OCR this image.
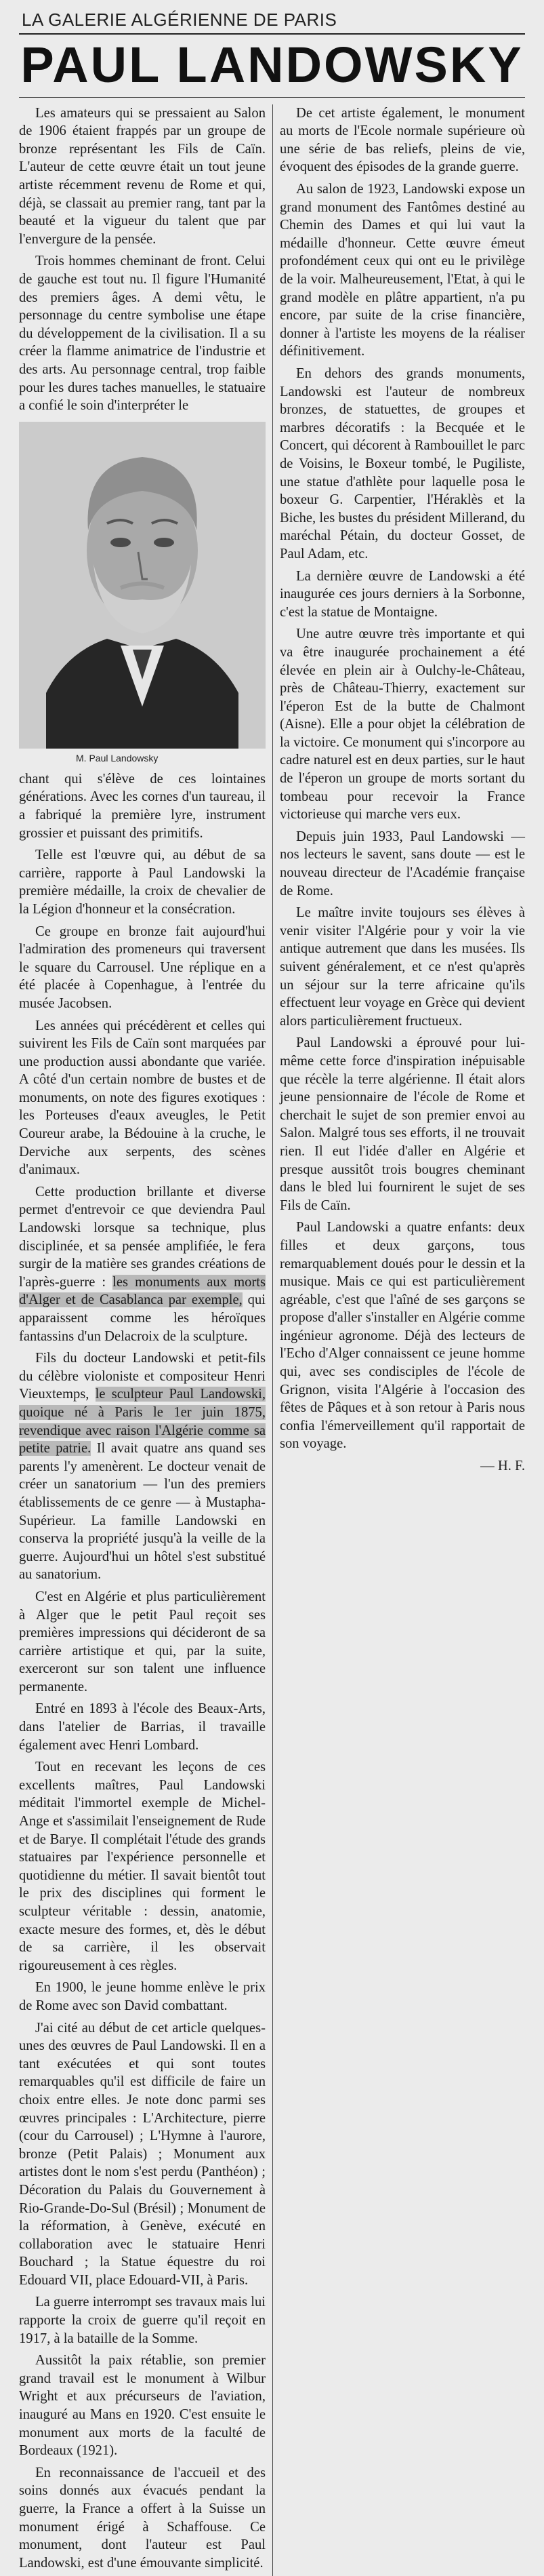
LA GALERIE ALGÉRIENNE DE PARIS
PAUL LANDOWSKY

Les amateurs qui se pressaient au Salon de 1906 étaient frappés par un groupe de bronze représentant les Fils de Caïn. L'auteur de cette œuvre était un tout jeune artiste récemment revenu de Rome et qui, déjà, se classait au premier rang, tant par la beauté et la vigueur du talent que par l'envergure de la pensée.

Trois hommes cheminant de front. Celui de gauche est tout nu. Il figure l'Humanité des premiers âges. A demi vêtu, le personnage du centre symbolise une étape du développement de la civilisation. Il a su créer la flamme animatrice de l'industrie et des arts. Au personnage central, trop faible pour les dures taches manuelles, le statuaire a confié le soin d'interpréter le

M. Paul Landowsky

chant qui s'élève de ces lointaines générations. Avec les cornes d'un taureau, il a fabriqué la première lyre, instrument grossier et puissant des primitifs.

Telle est l'œuvre qui, au début de sa carrière, rapporte à Paul Landowski la première médaille, la croix de chevalier de la Légion d'honneur et la consécration.

Ce groupe en bronze fait aujourd'hui l'admiration des promeneurs qui traversent le square du Carrousel. Une réplique en a été placée à Copenhague, à l'entrée du musée Jacobsen.

Les années qui précédèrent et celles qui suivirent les Fils de Caïn sont marquées par une production aussi abondante que variée. A côté d'un certain nombre de bustes et de monuments, on note des figures exotiques : les Porteuses d'eaux aveugles, le Petit Coureur arabe, la Bédouine à la cruche, le Derviche aux serpents, des scènes d'animaux.

Cette production brillante et diverse permet d'entrevoir ce que deviendra Paul Landowski lorsque sa technique, plus disciplinée, et sa pensée amplifiée, le fera surgir de la matière ses grandes créations de l'après-guerre : les monuments aux morts d'Alger et de Casablanca par exemple, qui apparaissent comme les héroïques fantassins d'un Delacroix de la sculpture.

Fils du docteur Landowski et petit-fils du célèbre violoniste et compositeur Henri Vieuxtemps, le sculpteur Paul Landowski, quoique né à Paris le 1er juin 1875, revendique avec raison l'Algérie comme sa petite patrie. Il avait quatre ans quand ses parents l'y amenèrent. Le docteur venait de créer un sanatorium — l'un des premiers établissements de ce genre — à Mustapha-Supérieur. La famille Landowski en conserva la propriété jusqu'à la veille de la guerre. Aujourd'hui un hôtel s'est substitué au sanatorium.

C'est en Algérie et plus particulièrement à Alger que le petit Paul reçoit ses premières impressions qui décideront de sa carrière artistique et qui, par la suite, exerceront sur son talent une influence permanente.

Entré en 1893 à l'école des Beaux-Arts, dans l'atelier de Barrias, il travaille également avec Henri Lombard.

Tout en recevant les leçons de ces excellents maîtres, Paul Landowski méditait l'immortel exemple de Michel-Ange et s'assimilait l'enseignement de Rude et de Barye. Il complétait l'étude des grands statuaires par l'expérience personnelle et quotidienne du métier. Il savait bientôt tout le prix des disciplines qui forment le sculpteur véritable : dessin, anatomie, exacte mesure des formes, et, dès le début de sa carrière, il les observait rigoureusement à ces règles.

En 1900, le jeune homme enlève le prix de Rome avec son David combattant.

J'ai cité au début de cet article quelques-unes des œuvres de Paul Landowski. Il en a tant exécutées et qui sont toutes remarquables qu'il est difficile de faire un choix entre elles. Je note donc parmi ses œuvres principales : L'Architecture, pierre (cour du Carrousel) ; L'Hymne à l'aurore, bronze (Petit Palais) ; Monument aux artistes dont le nom s'est perdu (Panthéon) ; Décoration du Palais du Gouvernement à Rio-Grande-Do-Sul (Brésil) ; Monument de la réformation, à Genève, exécuté en collaboration avec le statuaire Henri Bouchard ; la Statue équestre du roi Edouard VII, place Edouard-VII, à Paris.

La guerre interrompt ses travaux mais lui rapporte la croix de guerre qu'il reçoit en 1917, à la bataille de la Somme.

Aussitôt la paix rétablie, son premier grand travail est le monument à Wilbur Wright et aux précurseurs de l'aviation, inauguré au Mans en 1920. C'est ensuite le monument aux morts de la faculté de Bordeaux (1921).

En reconnaissance de l'accueil et des soins donnés aux évacués pendant la guerre, la France a offert à la Suisse un monument érigé à Schaffouse. Ce monument, dont l'auteur est Paul Landowski, est d'une émouvante simplicité.

De cet artiste également, le monument au morts de l'Ecole normale supérieure où une série de bas reliefs, pleins de vie, évoquent des épisodes de la grande guerre.

Au salon de 1923, Landowski expose un grand monument des Fantômes destiné au Chemin des Dames et qui lui vaut la médaille d'honneur. Cette œuvre émeut profondément ceux qui ont eu le privilège de la voir. Malheureusement, l'Etat, à qui le grand modèle en plâtre appartient, n'a pu encore, par suite de la crise financière, donner à l'artiste les moyens de la réaliser définitivement.

En dehors des grands monuments, Landowski est l'auteur de nombreux bronzes, de statuettes, de groupes et marbres décoratifs : la Becquée et le Concert, qui décorent à Rambouillet le parc de Voisins, le Boxeur tombé, le Pugiliste, une statue d'athlète pour laquelle posa le boxeur G. Carpentier, l'Héraklès et la Biche, les bustes du président Millerand, du maréchal Pétain, du docteur Gosset, de Paul Adam, etc.

La dernière œuvre de Landowski a été inaugurée ces jours derniers à la Sorbonne, c'est la statue de Montaigne.

Une autre œuvre très importante et qui va être inaugurée prochainement a été élevée en plein air à Oulchy-le-Château, près de Château-Thierry, exactement sur l'éperon Est de la butte de Chalmont (Aisne). Elle a pour objet la célébration de la victoire. Ce monument qui s'incorpore au cadre naturel est en deux parties, sur le haut de l'éperon un groupe de morts sortant du tombeau pour recevoir la France victorieuse qui marche vers eux.

Depuis juin 1933, Paul Landowski — nos lecteurs le savent, sans doute — est le nouveau directeur de l'Académie française de Rome.

Le maître invite toujours ses élèves à venir visiter l'Algérie pour y voir la vie antique autrement que dans les musées. Ils suivent généralement, et ce n'est qu'après un séjour sur la terre africaine qu'ils effectuent leur voyage en Grèce qui devient alors particulièrement fructueux.

Paul Landowski a éprouvé pour lui-même cette force d'inspiration inépuisable que récèle la terre algérienne. Il était alors jeune pensionnaire de l'école de Rome et cherchait le sujet de son premier envoi au Salon. Malgré tous ses efforts, il ne trouvait rien. Il eut l'idée d'aller en Algérie et presque aussitôt trois bougres cheminant dans le bled lui fournirent le sujet de ses Fils de Caïn.

Paul Landowski a quatre enfants: deux filles et deux garçons, tous remarquablement doués pour le dessin et la musique. Mais ce qui est particulièrement agréable, c'est que l'aîné de ses garçons se propose d'aller s'installer en Algérie comme ingénieur agronome. Déjà des lecteurs de l'Echo d'Alger connaissent ce jeune homme qui, avec ses condisciples de l'école de Grignon, visita l'Algérie à l'occasion des fêtes de Pâques et à son retour à Paris nous confia l'émerveillement qu'il rapportait de son voyage.

— H. F.
